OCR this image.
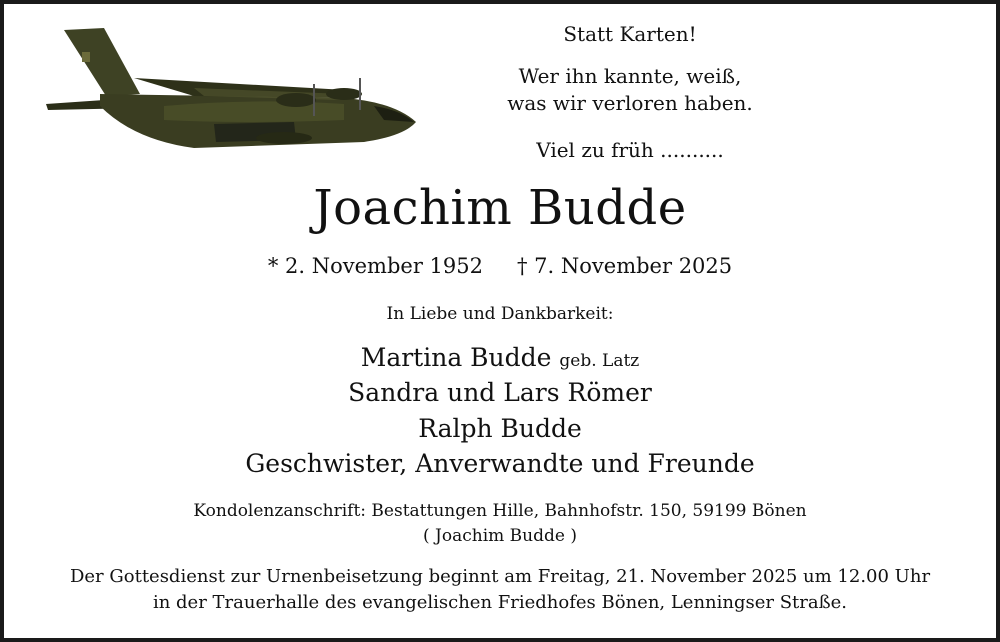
Statt Karten!
Wer ihn kannte, weiß,
was wir verloren haben.
Viel zu früh ..........
Joachim Budde
* 2. November 1952 † 7. November 2025
In Liebe und Dankbarkeit:
Martina Budde geb. Latz
Sandra und Lars Römer
Ralph Budde
Geschwister, Anverwandte und Freunde
Kondolenzanschrift: Bestattungen Hille, Bahnhofstr. 150, 59199 Bönen
( Joachim Budde )
Der Gottesdienst zur Urnenbeisetzung beginnt am Freitag, 21. November 2025 um 12.00 Uhr
in der Trauerhalle des evangelischen Friedhofes Bönen, Lenningser Straße.
